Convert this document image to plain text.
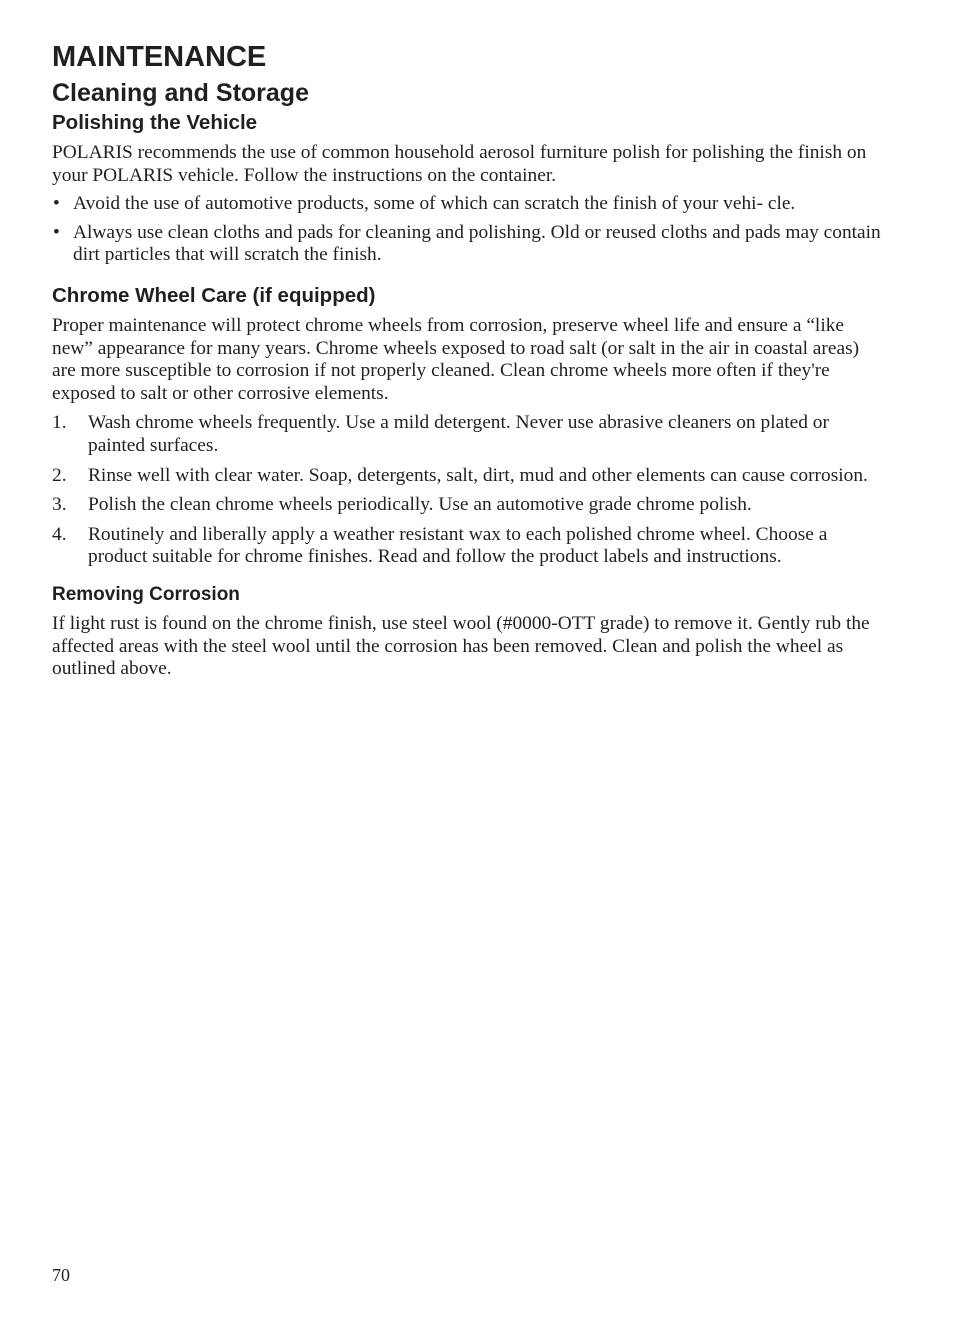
MAINTENANCE
Cleaning and Storage
Polishing the Vehicle

POLARIS recommends the use of common household aerosol furniture polish for polishing the finish on your POLARIS vehicle. Follow the instructions on the container.

• Avoid the use of automotive products, some of which can scratch the finish of your vehi- cle.
• Always use clean cloths and pads for cleaning and polishing. Old or reused cloths and pads may contain dirt particles that will scratch the finish.
Chrome Wheel Care (if equipped)

Proper maintenance will protect chrome wheels from corrosion, preserve wheel life and ensure a “like new” appearance for many years. Chrome wheels exposed to road salt (or salt in the air in coastal areas) are more susceptible to corrosion if not properly cleaned. Clean chrome wheels more often if they're exposed to salt or other corrosive elements.

1. Wash chrome wheels frequently. Use a mild detergent. Never use abrasive cleaners on plated or painted surfaces.
2. Rinse well with clear water. Soap, detergents, salt, dirt, mud and other elements can cause corrosion.
3. Polish the clean chrome wheels periodically. Use an automotive grade chrome polish.
4. Routinely and liberally apply a weather resistant wax to each polished chrome wheel. Choose a product suitable for chrome finishes. Read and follow the product labels and instructions.
Removing Corrosion

If light rust is found on the chrome finish, use steel wool (#0000-OTT grade) to remove it. Gently rub the affected areas with the steel wool until the corrosion has been removed. Clean and polish the wheel as outlined above.

70
